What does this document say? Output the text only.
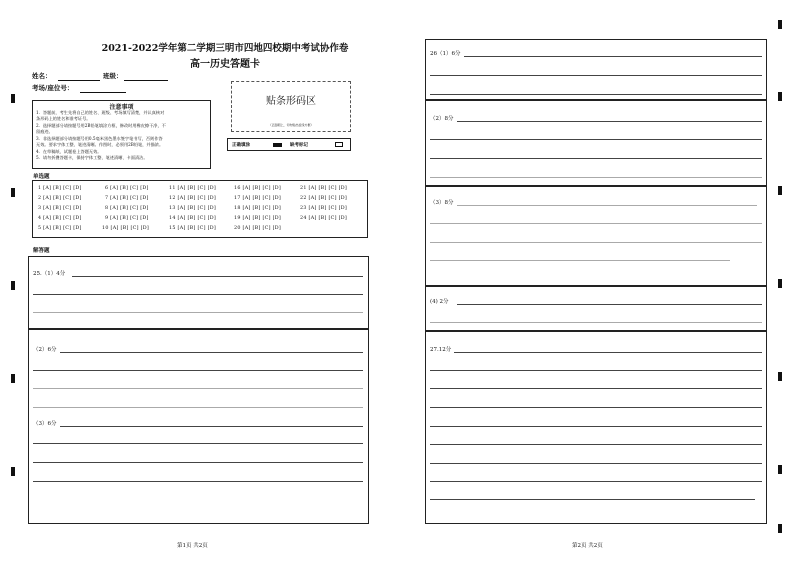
2021-2022学年第二学期三明市四地四校期中考试协作卷
高一历史答题卡
姓名：	班级：
考场/座位号：
贴条形码区
（正面朝上，切勿贴出虚线方框）
注意事项
1．答题前，考生先将自己的姓名、班级、考场填写清楚，并认真核对
条形码上的姓名和准考证号。
2．选择题部分请按题号用2B铅笔填涂方框，修改时用橡皮擦干净，不
留痕迹。
3．非选择题部分请按题号用0.5毫米黑色墨水签字笔书写，否则作答
无效。要求字体工整、笔迹清晰。作图时，必须用2B铅笔，并描浓。
4．在草稿纸、试题卷上答题无效。
5．请勿折叠答题卡，保持字体工整、笔迹清晰、卡面清洁。
正确填涂	缺考标记
单选题
1 [A] [B] [C] [D]
2 [A] [B] [C] [D]
3 [A] [B] [C] [D]
4 [A] [B] [C] [D]
5 [A] [B] [C] [D]
6 [A] [B] [C] [D]
7 [A] [B] [C] [D]
8 [A] [B] [C] [D]
9 [A] [B] [C] [D]
10 [A] [B] [C] [D]
11 [A] [B] [C] [D]
12 [A] [B] [C] [D]
13 [A] [B] [C] [D]
14 [A] [B] [C] [D]
15 [A] [B] [C] [D]
16 [A] [B] [C] [D]
17 [A] [B] [C] [D]
18 [A] [B] [C] [D]
19 [A] [B] [C] [D]
20 [A] [B] [C] [D]
21 [A] [B] [C] [D]
22 [A] [B] [C] [D]
23 [A] [B] [C] [D]
24 [A] [B] [C] [D]
解答题
25.（1）4分
（2）6分
（3）6分
第1页 共2页
26（1）6分
（2）8分
（3）8分
(4) 2分
27.12分
第2页 共2页
